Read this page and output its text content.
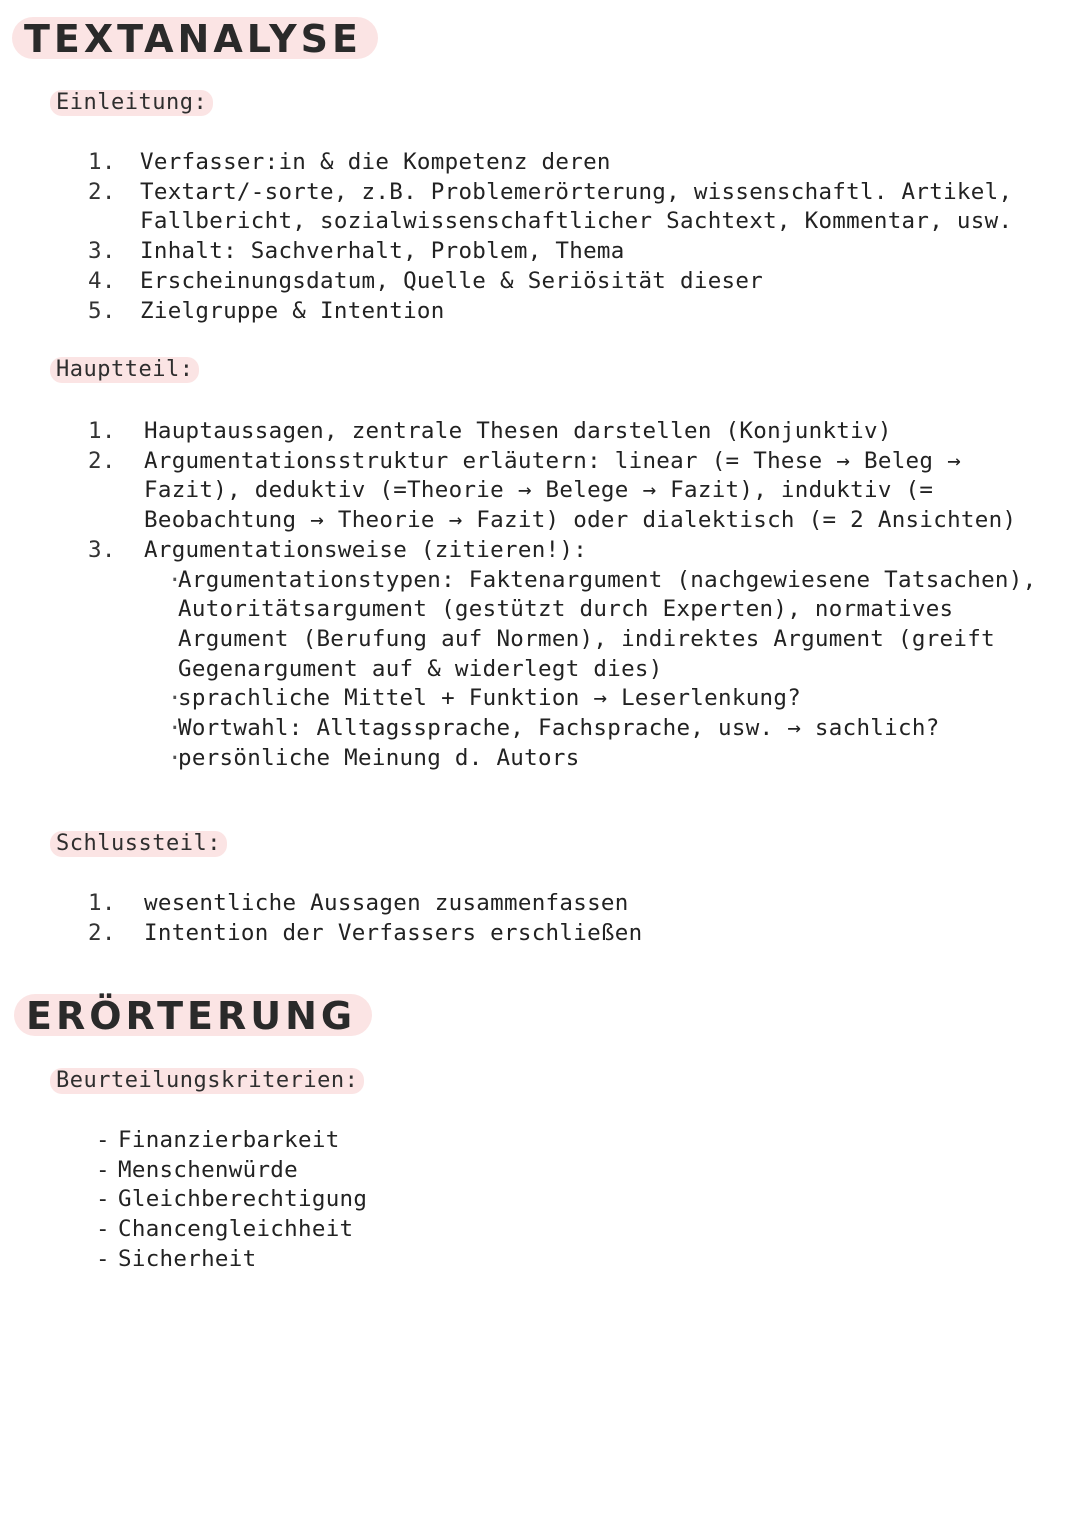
TEXTANALYSE
Einleitung:
1. Verfasser:in & die Kompetenz deren
2. Textart/-sorte, z.B. Problemerörterung, wissenschaftl. Artikel, Fallbericht, sozialwissenschaftlicher Sachtext, Kommentar, usw.
3. Inhalt: Sachverhalt, Problem, Thema
4. Erscheinungsdatum, Quelle & Seriösität dieser
5. Zielgruppe & Intention
Hauptteil:
1. Hauptaussagen, zentrale Thesen darstellen (Konjunktiv)
2. Argumentationsstruktur erläutern: linear (= These → Beleg → Fazit), deduktiv (=Theorie → Belege → Fazit), induktiv (= Beobachtung → Theorie → Fazit) oder dialektisch (= 2 Ansichten)
3. Argumentationsweise (zitieren!):
·
Argumentationstypen: Faktenargument (nachgewiesene Tatsachen), Autoritätsargument (gestützt durch Experten), normatives Argument (Berufung auf Normen), indirektes Argument (greift Gegenargument auf & widerlegt dies)
·
sprachliche Mittel + Funktion → Leserlenkung?
·
Wortwahl: Alltagssprache, Fachsprache, usw. → sachlich?
·
persönliche Meinung d. Autors
Schlussteil:
1. wesentliche Aussagen zusammenfassen
2. Intention der Verfassers erschließen
ERÖRTERUNG
Beurteilungskriterien:
- Finanzierbarkeit
- Menschenwürde
- Gleichberechtigung
- Chancengleichheit
- Sicherheit
